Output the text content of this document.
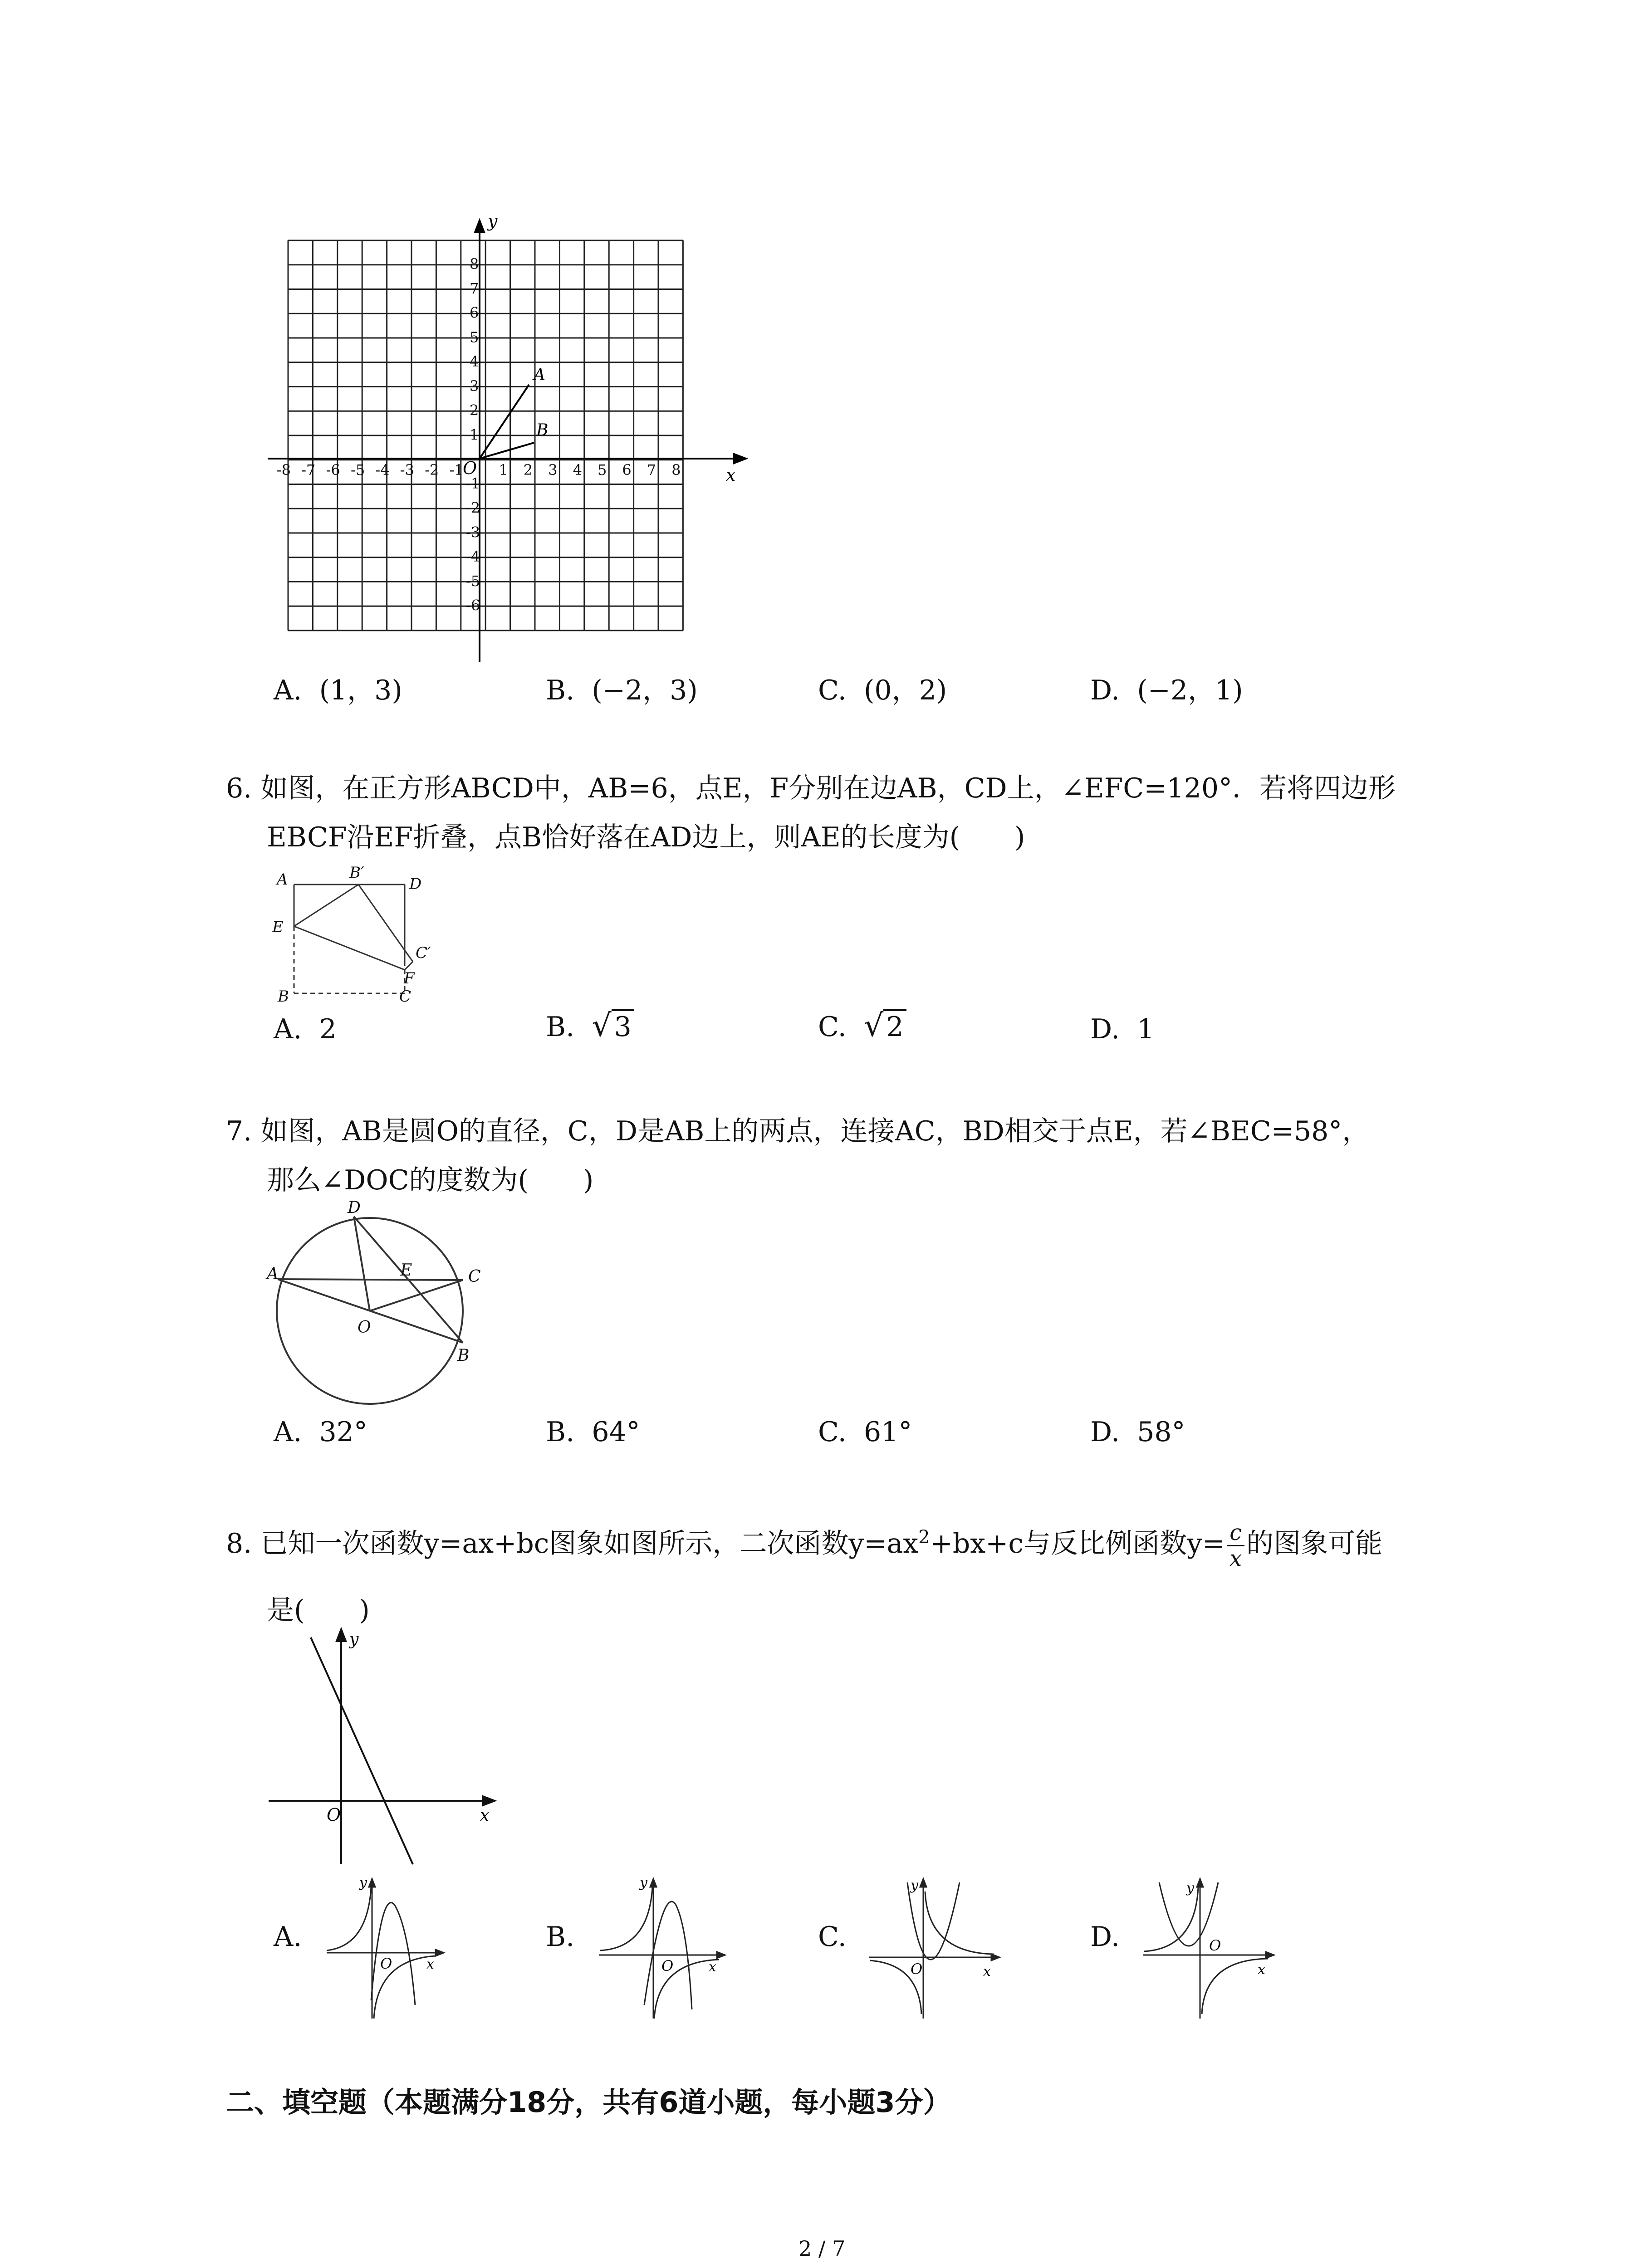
-8 -7 -6 -5 -4 -3 -2 -1 1 2 3 4 5 6 7 8
1
2
3
4
5
6
7
8
-1
-2
-3
-4
-5
-6
O	x
y
A
B
A. (1，3)	B. (−2，3)	C. (0，2)	D. (−2，1)
6. 如图，在正方形ABCD中，AB=6，点E，F分别在边AB，CD上，∠EFC=120°．若将四边形
EBCF沿EF折叠，点B恰好落在AD边上，则AE的长度为(　　)
A	B′
D
E
C′
F
B	C
A. 2	B. √ 3	C. √ 2	D. 1
7. 如图，AB是圆O的直径，C，D是AB上的两点，连接AC，BD相交于点E，若∠BEC=58°，
那么∠DOC的度数为(　　)
D
A	E	C
O
B
A. 32°	B. 64°	C. 61°	D. 58°
8. 已知一次函数y=ax+bc图象如图所示，二次函数$y=ax^2+bx+c$与反比例函数$y= \frac{c}{x}$ 的图象可能
是(　　)
O	x
y
A.
O	x
y
B.
O	x
y
C.
O	x
y
D.	O
x
y
二、填空题（本题满分18分，共有6道小题，每小题3分）
2 / 7
